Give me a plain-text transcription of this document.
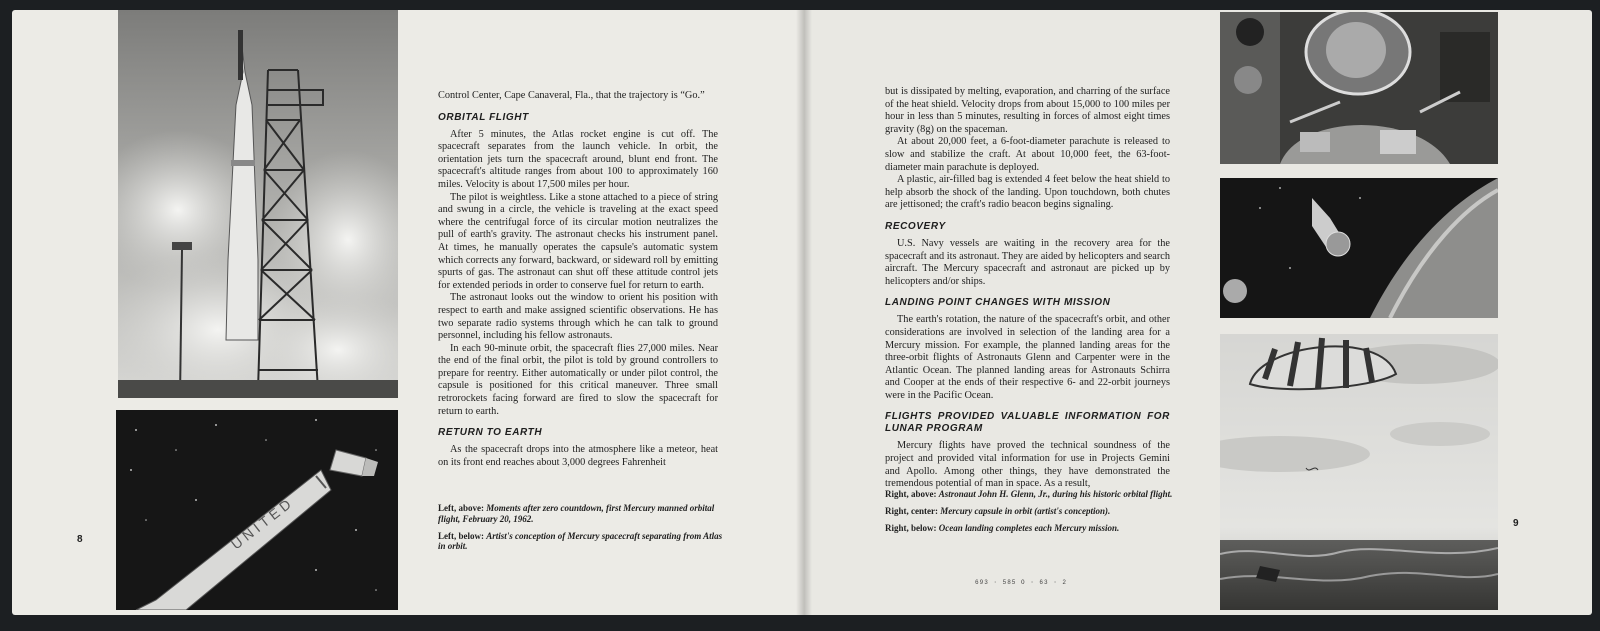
U N I T E D

Control Center, Cape Canaveral, Fla., that the trajectory is “Go.”

ORBITAL FLIGHT

After 5 minutes, the Atlas rocket engine is cut off. The spacecraft separates from the launch vehicle. In orbit, the orientation jets turn the spacecraft around, blunt end front. The spacecraft's altitude ranges from about 100 to approximately 160 miles. Velocity is about 17,500 miles per hour.

The pilot is weightless. Like a stone attached to a piece of string and swung in a circle, the vehicle is traveling at the exact speed where the centrifugal force of its circular motion neutralizes the pull of earth's gravity. The astronaut checks his instrument panel. At times, he manually operates the capsule's automatic system which corrects any forward, backward, or sideward roll by emitting spurts of gas. The astronaut can shut off these attitude control jets for extended periods in order to conserve fuel for return to earth.

The astronaut looks out the window to orient his position with respect to earth and make assigned scientific observations. He has two separate radio systems through which he can talk to ground personnel, including his fellow astronauts.

In each 90-minute orbit, the spacecraft flies 27,000 miles. Near the end of the final orbit, the pilot is told by ground controllers to prepare for reentry. Either automatically or under pilot control, the capsule is positioned for this critical maneuver. Three small retrorockets facing forward are fired to slow the spacecraft for return to earth.

RETURN TO EARTH

As the spacecraft drops into the atmosphere like a meteor, heat on its front end reaches about 3,000 degrees Fahrenheit

Left, above: Moments after zero countdown, first Mercury manned orbital flight, February 20, 1962.
Left, below: Artist's conception of Mercury spacecraft separating from Atlas in orbit.
8

but is dissipated by melting, evaporation, and charring of the surface of the heat shield. Velocity drops from about 15,000 to 100 miles per hour in less than 5 minutes, resulting in forces of almost eight times gravity (8g) on the spaceman.

At about 20,000 feet, a 6-foot-diameter parachute is released to slow and stabilize the craft. At about 10,000 feet, the 63-foot-diameter main parachute is deployed.

A plastic, air-filled bag is extended 4 feet below the heat shield to help absorb the shock of the landing. Upon touchdown, both chutes are jettisoned; the craft's radio beacon begins signaling.

RECOVERY

U.S. Navy vessels are waiting in the recovery area for the spacecraft and its astronaut. They are aided by helicopters and search aircraft. The Mercury spacecraft and astronaut are picked up by helicopters and/or ships.

LANDING POINT CHANGES WITH MISSION

The earth's rotation, the nature of the spacecraft's orbit, and other considerations are involved in selection of the landing area for a Mercury mission. For example, the planned landing areas for the three-orbit flights of Astronauts Glenn and Carpenter were in the Atlantic Ocean. The planned landing areas for Astronauts Schirra and Cooper at the ends of their respective 6- and 22-orbit journeys were in the Pacific Ocean.

FLIGHTS PROVIDED VALUABLE INFORMATION FOR LUNAR PROGRAM

Mercury flights have proved the technical soundness of the project and provided vital information for use in Projects Gemini and Apollo. Among other things, they have demonstrated the tremendous potential of man in space. As a result,

Right, above: Astronaut John H. Glenn, Jr., during his historic orbital flight.
Right, center: Mercury capsule in orbit (artist's conception).
Right, below: Ocean landing completes each Mercury mission.
693 · 585 O · 63 · 2
9
